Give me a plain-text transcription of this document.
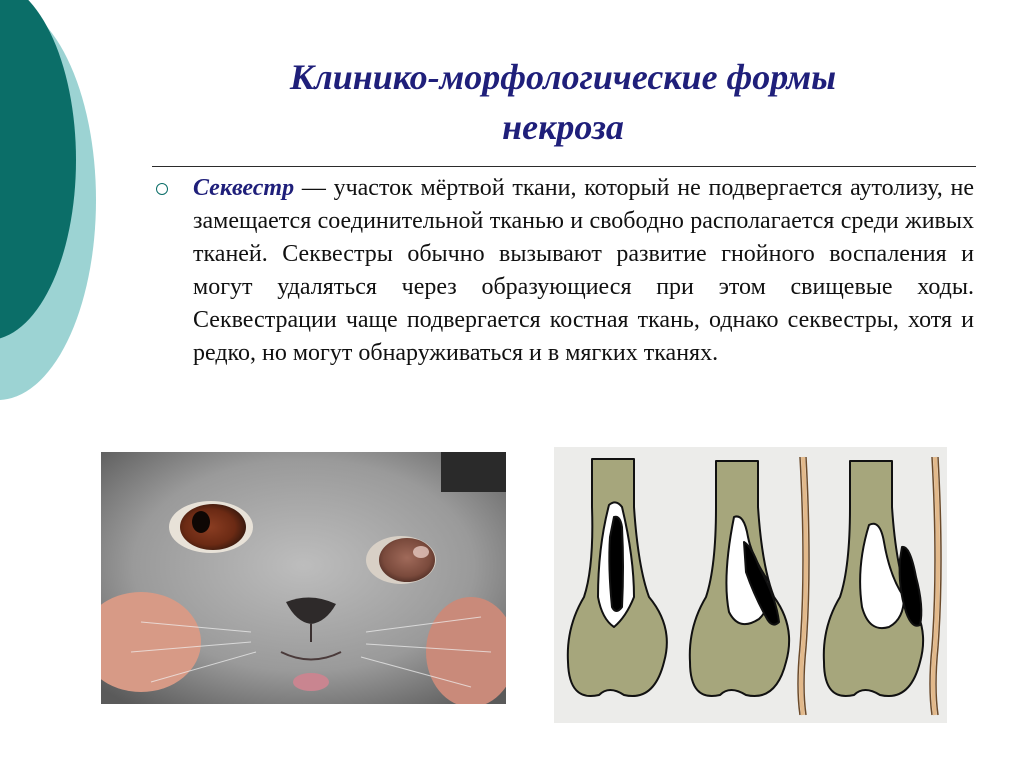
Клинико-морфологические формы
некроза

Секвестр — участок мёртвой ткани, который не подвергается аутолизу, не замещается соединительной тканью и свободно располагается среди живых тканей. Секвестры обычно вызывают развитие гнойного воспаления и могут удаляться через образующиеся при этом свищевые ходы. Секвестрации чаще подвергается костная ткань, однако секвестры, хотя и редко, но могут обнаруживаться и в мягких тканях.
